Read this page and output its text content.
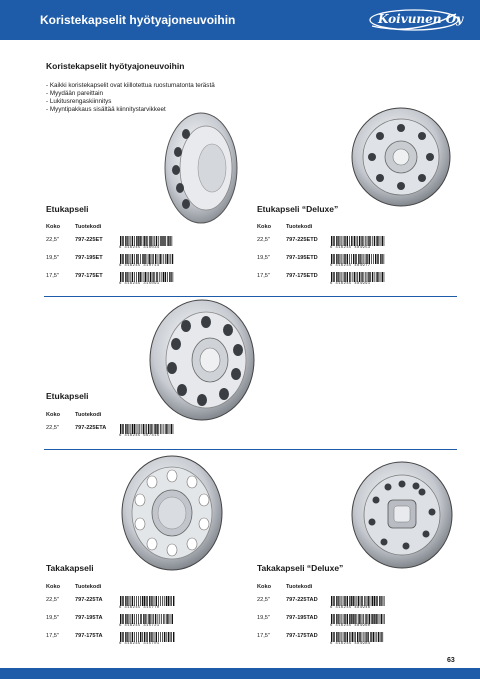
Koristekapselit hyötyajoneuvoihin	Koivunen Oy
Koristekapselit hyötyajoneuvoihin
- Kaikki koristekapselit ovat kiillotettua ruostumatonta terästä
- Myydään pareittain
- Lukitusrengaskiinnitys
- Myyntipakkaus sisältää kiinnitystarvikkeet
Etukapseli
Koko	Tuotekodi
22,5"	797-225ET
6 416245 310034
19,5"	797-195ET
6 416245 310714
17,5"	797-175ET
6 416245 315091
Etukapseli “Deluxe”
Koko	Tuotekodi
22,5"	797-225ETD
6 416245 484953
19,5"	797-195ETD
6 416245 484977
17,5"	797-175ETD
6 416245 484991
Etukapseli
Koko	Tuotekodi
22,5"	797-225ETA
6 416245 667415
Takakapseli
Koko	Tuotekodi
22,5"	797-225TA
6 416245 315770
19,5"	797-195TA
6 416245 315721
17,5"	797-175TA
6 416245 315701
Takakapseli “Deluxe”
Koko	Tuotekodi
22,5"	797-225TAD
6 416245 484946
19,5"	797-195TAD
6 416245 484960
17,5"	797-175TAD
6 416245 484984
63
